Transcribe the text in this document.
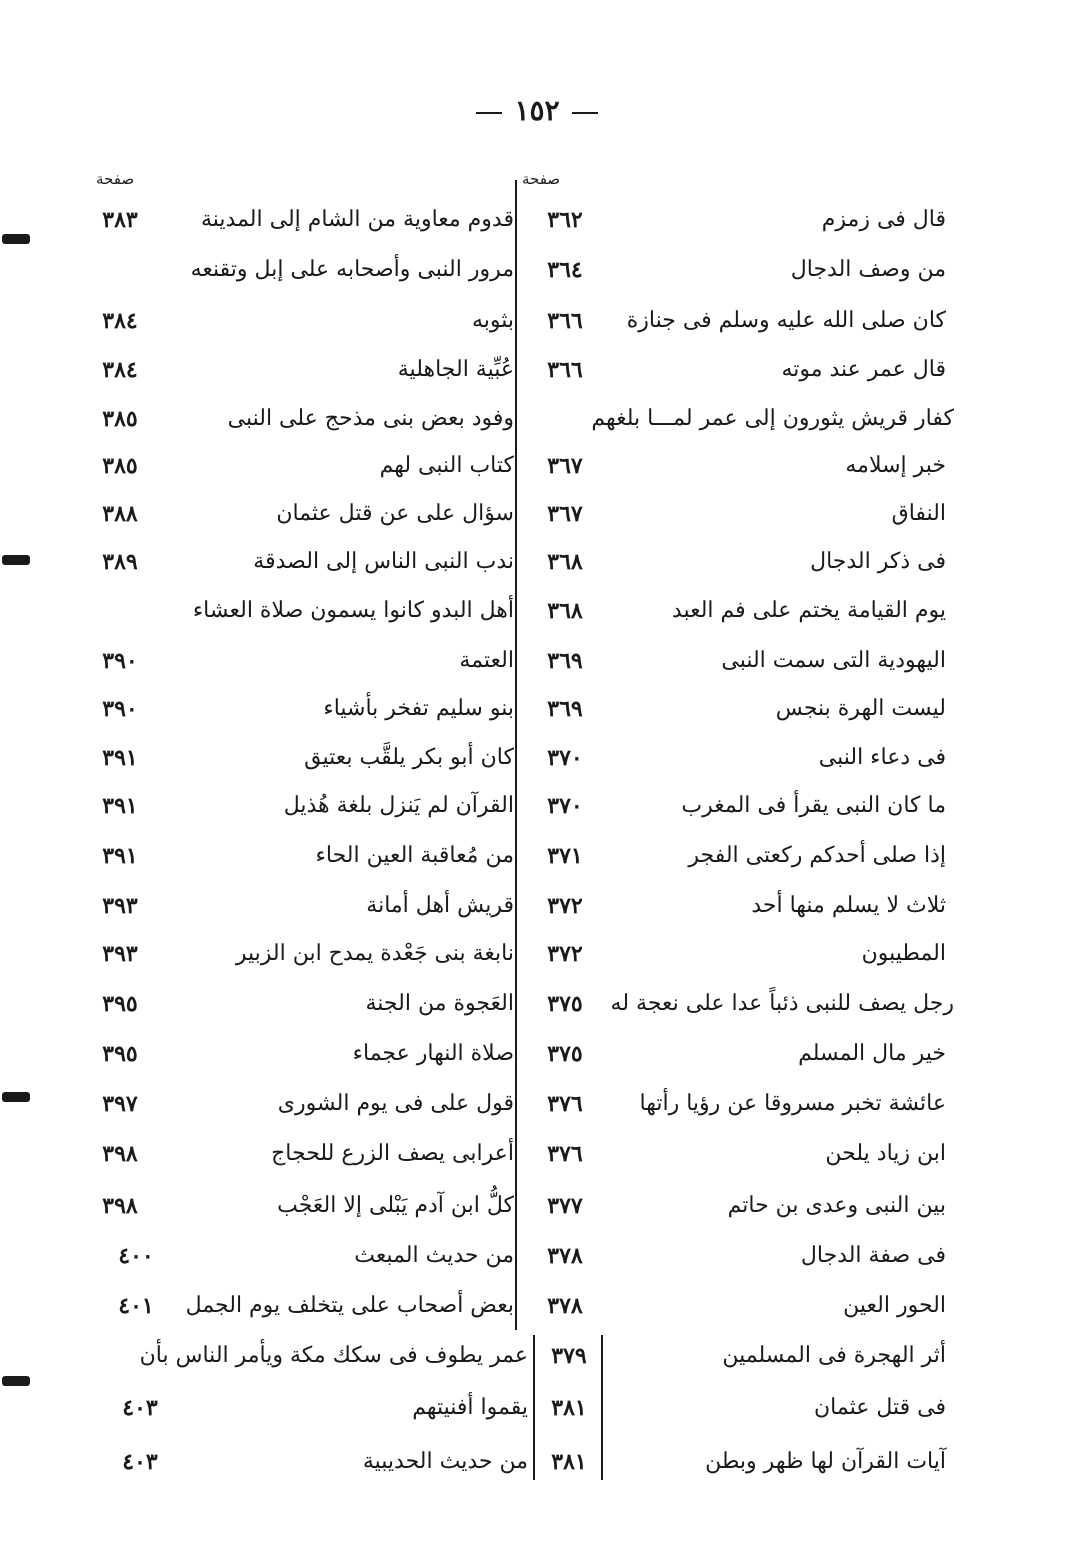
١٥٢
صفحة
صفحة
قال فى زمزم
٣٦٢
قدوم معاوية من الشام إلى المدينة
٣٨٣
من وصف الدجال
٣٦٤
مرور النبى وأصحابه على إبل وتقنعه
كان صلى الله عليه وسلم فى جنازة
٣٦٦
بثوبه
٣٨٤
قال عمر عند موته
٣٦٦
عُبِّية الجاهلية
٣٨٤
كفار قريش يثورون إلى عمر لمـــا بلغهم
وفود بعض بنى مذحج على النبى
٣٨٥
خبر إسلامه
٣٦٧
كتاب النبى لهم
٣٨٥
النفاق
٣٦٧
سؤال على عن قتل عثمان
٣٨٨
فى ذكر الدجال
٣٦٨
ندب النبى الناس إلى الصدقة
٣٨٩
يوم القيامة يختم على فم العبد
٣٦٨
أهل البدو كانوا يسمون صلاة العشاء
اليهودية التى سمت النبى
٣٦٩
العتمة
٣٩٠
ليست الهرة بنجس
٣٦٩
بنو سليم تفخر بأشياء
٣٩٠
فى دعاء النبى
٣٧٠
كان أبو بكر يلقَّب بعتيق
٣٩١
ما كان النبى يقرأ فى المغرب
٣٧٠
القرآن لم يَنزل بلغة هُذيل
٣٩١
إذا صلى أحدكم ركعتى الفجر
٣٧١
من مُعاقبة العين الحاء
٣٩١
ثلاث لا يسلم منها أحد
٣٧٢
قريش أهل أمانة
٣٩٣
المطيبون
٣٧٢
نابغة بنى جَعْدة يمدح ابن الزبير
٣٩٣
رجل يصف للنبى ذئباً عدا على نعجة له
٣٧٥
العَجوة من الجنة
٣٩٥
خير مال المسلم
٣٧٥
صلاة النهار عجماء
٣٩٥
عائشة تخبر مسروقا عن رؤيا رأتها
٣٧٦
قول على فى يوم الشورى
٣٩٧
ابن زياد يلحن
٣٧٦
أعرابى يصف الزرع للحجاج
٣٩٨
بين النبى وعدى بن حاتم
٣٧٧
كلُّ ابن آدم يَبْلى إلا العَجْب
٣٩٨
فى صفة الدجال
٣٧٨
من حديث المبعث
٤٠٠
الحور العين
٣٧٨
بعض أصحاب على يتخلف يوم الجمل
٤٠١
أثر الهجرة فى المسلمين
٣٧٩
عمر يطوف فى سكك مكة ويأمر الناس بأن
فى قتل عثمان
٣٨١
يقموا أفنيتهم
٤٠٣
آيات القرآن لها ظهر وبطن
٣٨١
من حديث الحديبية
٤٠٣
